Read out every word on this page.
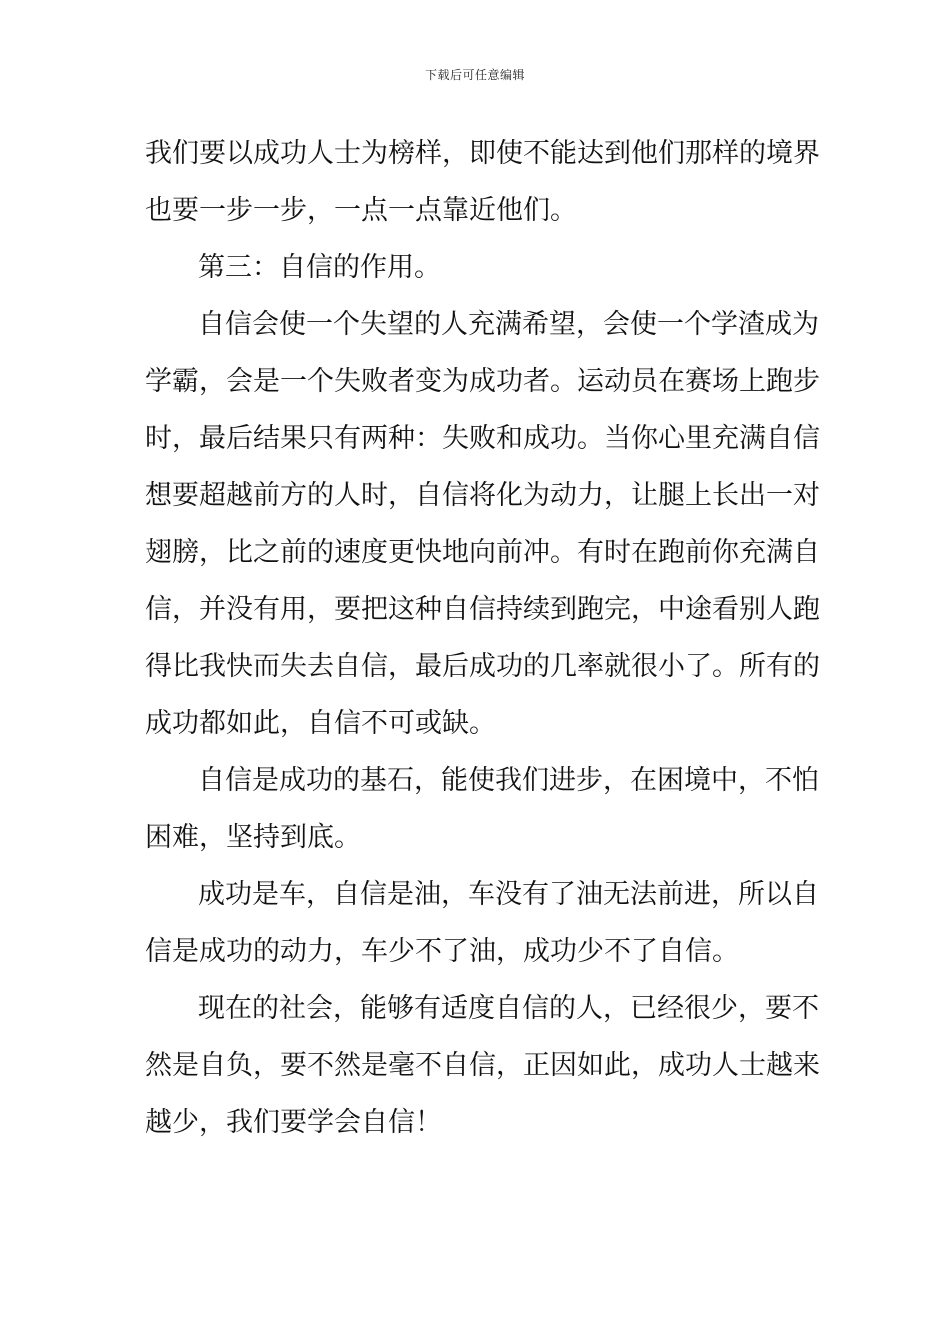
下载后可任意编辑
我们要以成功人士为榜样，即使不能达到他们那样的境界
也要一步一步，一点一点靠近他们。
第三：自信的作用。
自信会使一个失望的人充满希望，会使一个学渣成为
学霸，会是一个失败者变为成功者。运动员在赛场上跑步
时，最后结果只有两种：失败和成功。当你心里充满自信
想要超越前方的人时，自信将化为动力，让腿上长出一对
翅膀，比之前的速度更快地向前冲。有时在跑前你充满自
信，并没有用，要把这种自信持续到跑完，中途看别人跑
得比我快而失去自信，最后成功的几率就很小了。所有的
成功都如此，自信不可或缺。
自信是成功的基石，能使我们进步，在困境中，不怕
困难，坚持到底。
成功是车，自信是油，车没有了油无法前进，所以自
信是成功的动力，车少不了油，成功少不了自信。
现在的社会，能够有适度自信的人，已经很少，要不
然是自负，要不然是毫不自信，正因如此，成功人士越来
越少，我们要学会自信！
